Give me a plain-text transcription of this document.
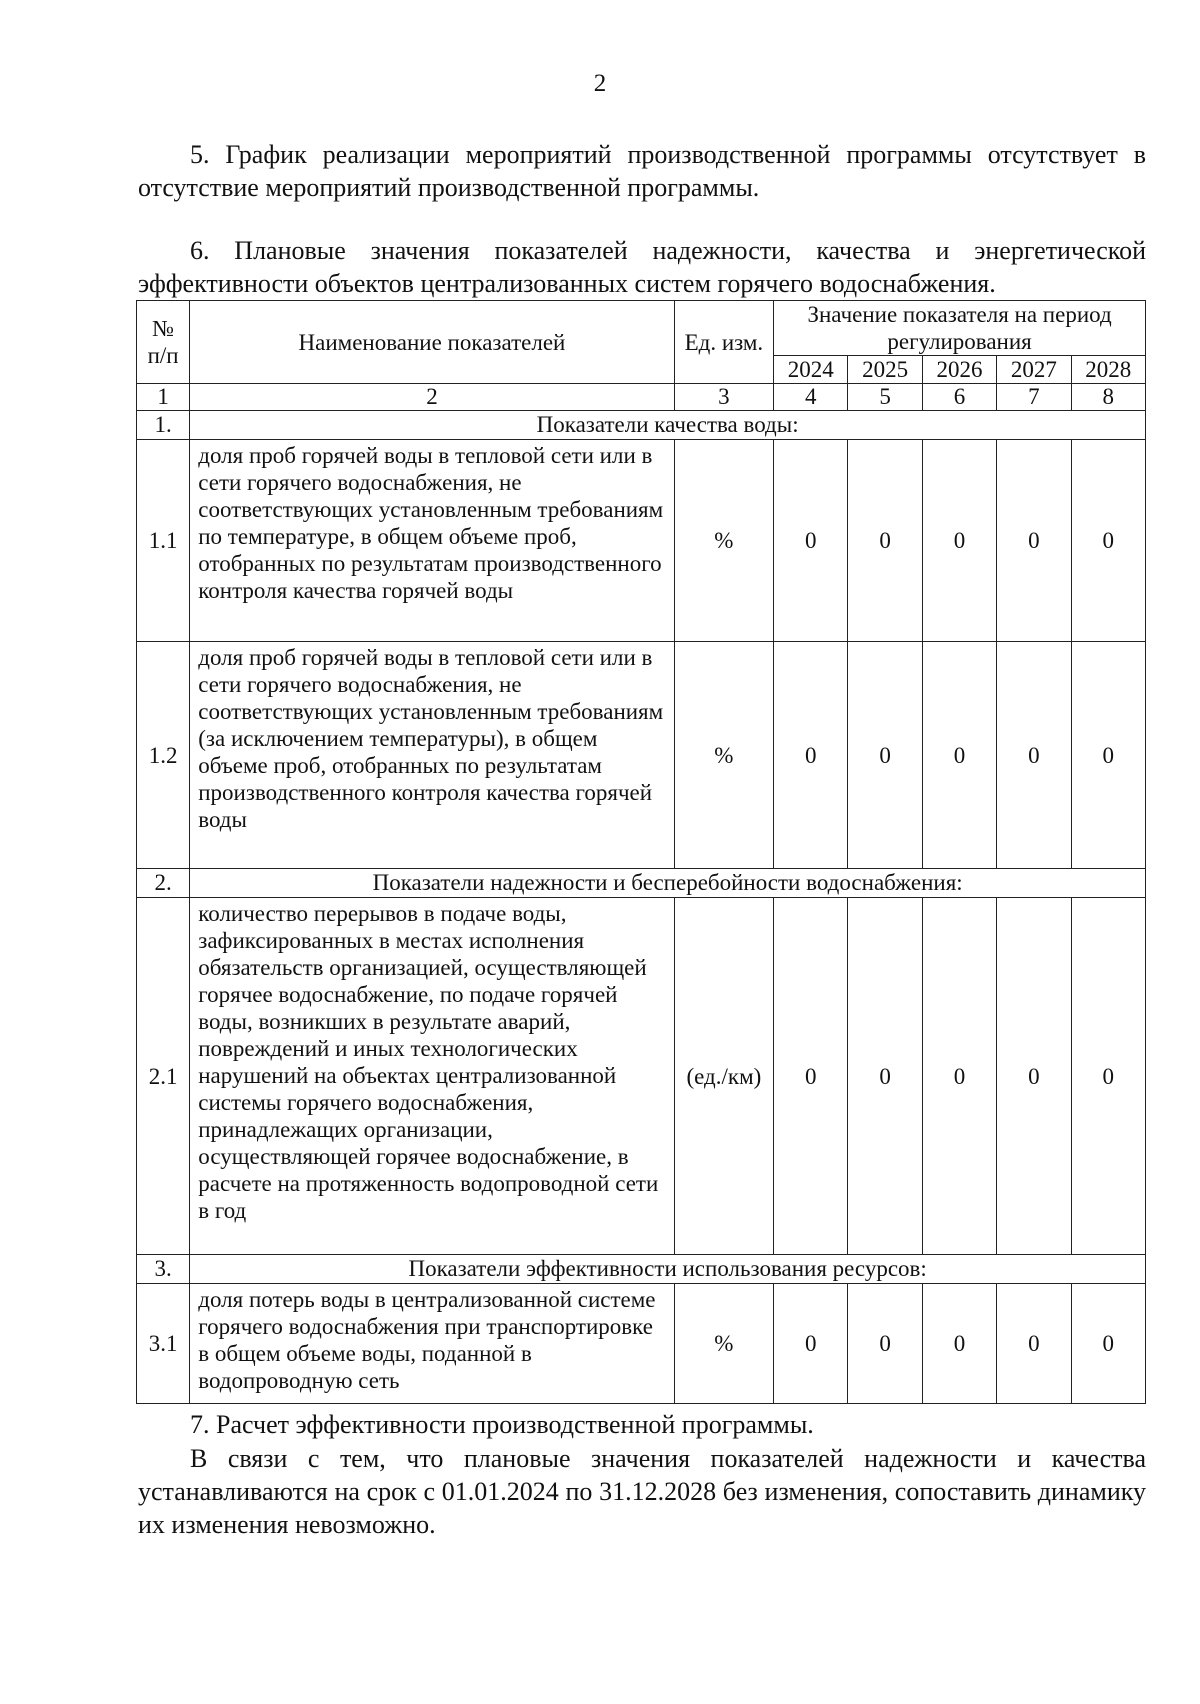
2
5. График реализации мероприятий производственной программы отсутствует в отсутствие мероприятий производственной программы.
6. Плановые значения показателей надежности, качества и энергетической эффективности объектов централизованных систем горячего водоснабжения.
№ п/п	Наименование показателей	Ед. изм.	Значение показателя на период регулирования				
			2024	2025	2026	2027	2028
1	2	3	4	5	6	7	8
1.	Показатели качества воды:						
1.1	доля проб горячей воды в тепловой сети или в сети горячего водоснабжения, не соответствующих установленным требованиям по температуре, в общем объеме проб, отобранных по результатам производственного контроля качества горячей воды	%	0	0	0	0	0
1.2	доля проб горячей воды в тепловой сети или в сети горячего водоснабжения, не соответствующих установленным требованиям (за исключением температуры), в общем объеме проб, отобранных по результатам производственного контроля качества горячей воды	%	0	0	0	0	0
2.	Показатели надежности и бесперебойности водоснабжения:						
2.1	количество перерывов в подаче воды, зафиксированных в местах исполнения обязательств организацией, осуществляющей горячее водоснабжение, по подаче горячей воды, возникших в результате аварий, повреждений и иных технологических нарушений на объектах централизованной системы горячего водоснабжения, принадлежащих организации, осуществляющей горячее водоснабжение, в расчете на протяженность водопроводной сети в год	(ед./км)	0	0	0	0	0
3.	Показатели эффективности использования ресурсов:						
3.1	доля потерь воды в централизованной системе горячего водоснабжения при транспортировке в общем объеме воды, поданной в водопроводную сеть	%	0	0	0	0	0
7. Расчет эффективности производственной программы.
В связи с тем, что плановые значения показателей надежности и качества устанавливаются на срок с 01.01.2024 по 31.12.2028 без изменения, сопоставить динамику их изменения невозможно.
